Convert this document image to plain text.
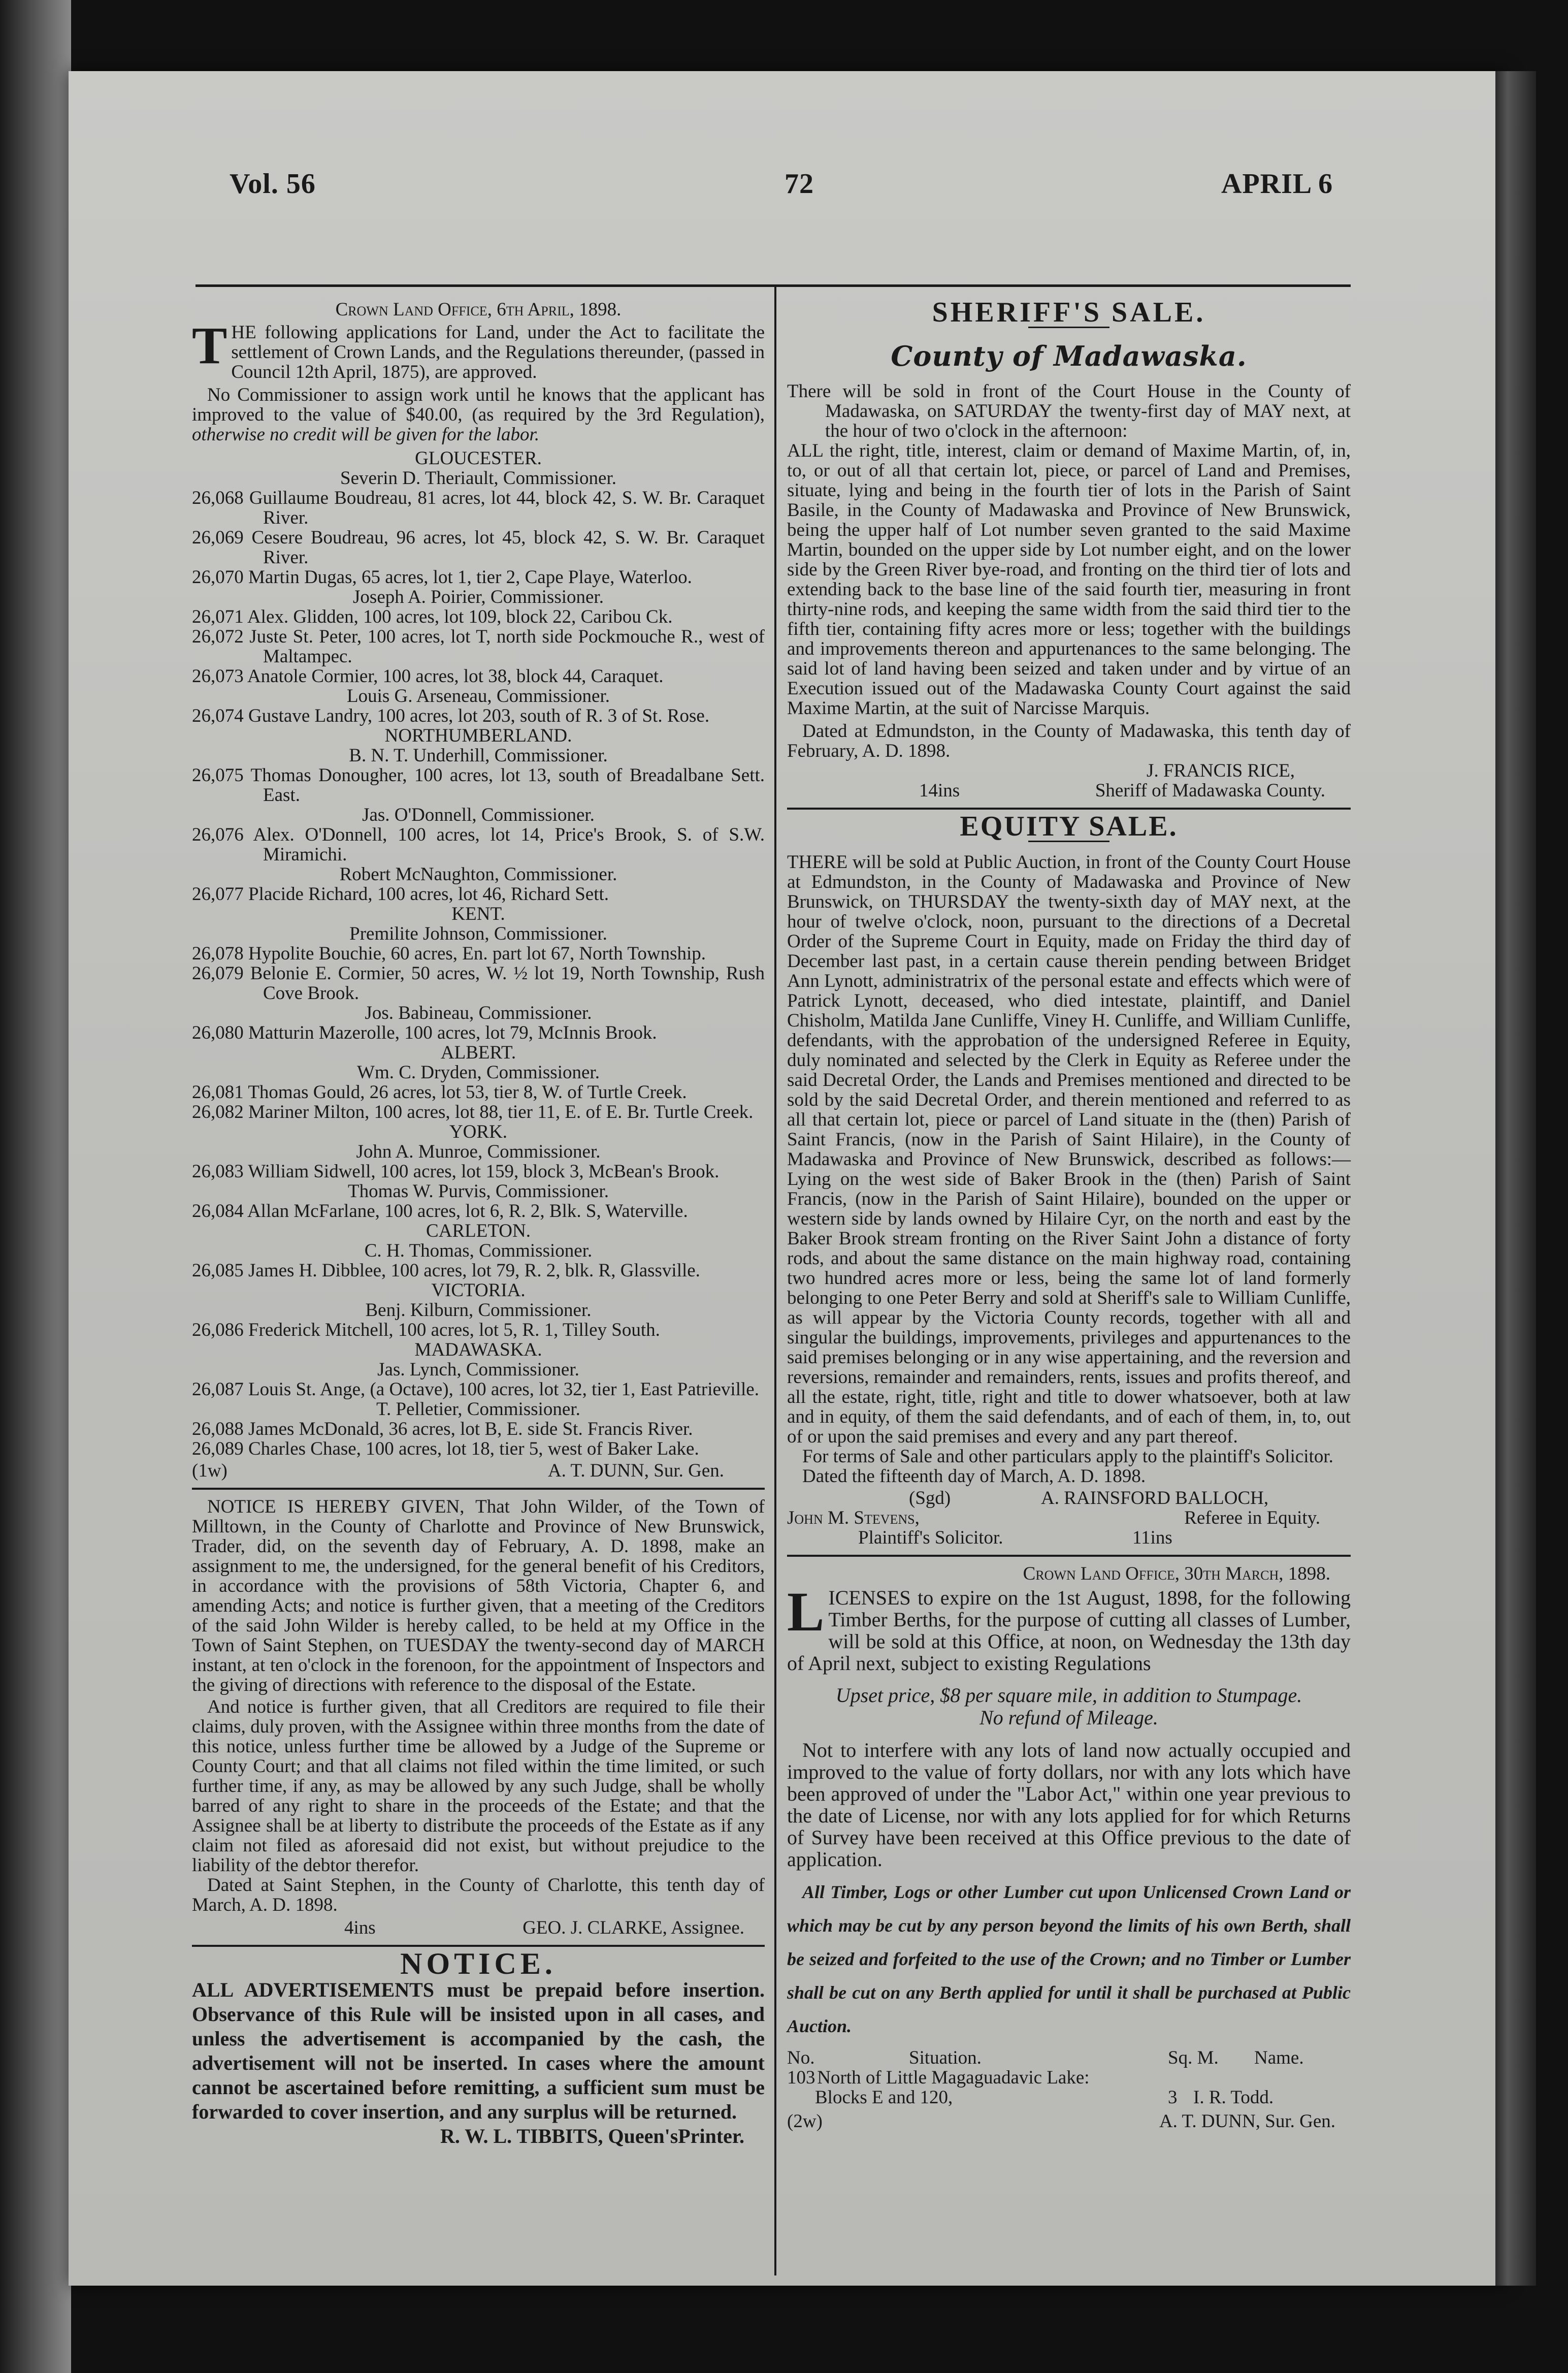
Vol. 56	72	APRIL 6
Crown Land Office, 6th April, 1898.
THE following applications for Land, under the Act to facilitate the settlement of Crown Lands, and the Regulations thereunder, (passed in Council 12th April, 1875), are approved.
No Commissioner to assign work until he knows that the applicant has improved to the value of $40.00, (as required by the 3rd Regulation), otherwise no credit will be given for the labor.
GLOUCESTER.
Severin D. Theriault, Commissioner.
26,068 Guillaume Boudreau, 81 acres, lot 44, block 42, S. W. Br. Caraquet River.
26,069 Cesere Boudreau, 96 acres, lot 45, block 42, S. W. Br. Caraquet River.
26,070 Martin Dugas, 65 acres, lot 1, tier 2, Cape Playe, Waterloo.
Joseph A. Poirier, Commissioner.
26,071 Alex. Glidden, 100 acres, lot 109, block 22, Caribou Ck.
26,072 Juste St. Peter, 100 acres, lot T, north side Pockmouche R., west of Maltampec.
26,073 Anatole Cormier, 100 acres, lot 38, block 44, Caraquet.
Louis G. Arseneau, Commissioner.
26,074 Gustave Landry, 100 acres, lot 203, south of R. 3 of St. Rose.
NORTHUMBERLAND.
B. N. T. Underhill, Commissioner.
26,075 Thomas Donougher, 100 acres, lot 13, south of Breadalbane Sett. East.
Jas. O'Donnell, Commissioner.
26,076 Alex. O'Donnell, 100 acres, lot 14, Price's Brook, S. of S.W. Miramichi.
Robert McNaughton, Commissioner.
26,077 Placide Richard, 100 acres, lot 46, Richard Sett.
KENT.
Premilite Johnson, Commissioner.
26,078 Hypolite Bouchie, 60 acres, En. part lot 67, North Township.
26,079 Belonie E. Cormier, 50 acres, W. ½ lot 19, North Township, Rush Cove Brook.
Jos. Babineau, Commissioner.
26,080 Matturin Mazerolle, 100 acres, lot 79, McInnis Brook.
ALBERT.
Wm. C. Dryden, Commissioner.
26,081 Thomas Gould, 26 acres, lot 53, tier 8, W. of Turtle Creek.
26,082 Mariner Milton, 100 acres, lot 88, tier 11, E. of E. Br. Turtle Creek.
YORK.
John A. Munroe, Commissioner.
26,083 William Sidwell, 100 acres, lot 159, block 3, McBean's Brook.
Thomas W. Purvis, Commissioner.
26,084 Allan McFarlane, 100 acres, lot 6, R. 2, Blk. S, Waterville.
CARLETON.
C. H. Thomas, Commissioner.
26,085 James H. Dibblee, 100 acres, lot 79, R. 2, blk. R, Glassville.
VICTORIA.
Benj. Kilburn, Commissioner.
26,086 Frederick Mitchell, 100 acres, lot 5, R. 1, Tilley South.
MADAWASKA.
Jas. Lynch, Commissioner.
26,087 Louis St. Ange, (a Octave), 100 acres, lot 32, tier 1, East Patrieville.
T. Pelletier, Commissioner.
26,088 James McDonald, 36 acres, lot B, E. side St. Francis River.
26,089 Charles Chase, 100 acres, lot 18, tier 5, west of Baker Lake.
(1w)	A. T. DUNN, Sur. Gen.
NOTICE IS HEREBY GIVEN, That John Wilder, of the Town of Milltown, in the County of Charlotte and Province of New Brunswick, Trader, did, on the seventh day of February, A. D. 1898, make an assignment to me, the undersigned, for the general benefit of his Creditors, in accordance with the provisions of 58th Victoria, Chapter 6, and amending Acts; and notice is further given, that a meeting of the Creditors of the said John Wilder is hereby called, to be held at my Office in the Town of Saint Stephen, on TUESDAY the twenty-second day of MARCH instant, at ten o'clock in the forenoon, for the appointment of Inspectors and the giving of directions with reference to the disposal of the Estate.
And notice is further given, that all Creditors are required to file their claims, duly proven, with the Assignee within three months from the date of this notice, unless further time be allowed by a Judge of the Supreme or County Court; and that all claims not filed within the time limited, or such further time, if any, as may be allowed by any such Judge, shall be wholly barred of any right to share in the proceeds of the Estate; and that the Assignee shall be at liberty to distribute the proceeds of the Estate as if any claim not filed as aforesaid did not exist, but without prejudice to the liability of the debtor therefor.
Dated at Saint Stephen, in the County of Charlotte, this tenth day of March, A. D. 1898.
4ins	GEO. J. CLARKE, Assignee.
NOTICE.
ALL ADVERTISEMENTS must be prepaid before insertion. Observance of this Rule will be insisted upon in all cases, and unless the advertisement is accompanied by the cash, the advertisement will not be inserted. In cases where the amount cannot be ascertained before remitting, a sufficient sum must be forwarded to cover insertion, and any surplus will be returned.
R. W. L. TIBBITS, Queen'sPrinter.
SHERIFF'S SALE.
County of Madawaska.
There will be sold in front of the Court House in the County of Madawaska, on SATURDAY the twenty-first day of MAY next, at the hour of two o'clock in the afternoon:
ALL the right, title, interest, claim or demand of Maxime Martin, of, in, to, or out of all that certain lot, piece, or parcel of Land and Premises, situate, lying and being in the fourth tier of lots in the Parish of Saint Basile, in the County of Madawaska and Province of New Brunswick, being the upper half of Lot number seven granted to the said Maxime Martin, bounded on the upper side by Lot number eight, and on the lower side by the Green River bye-road, and fronting on the third tier of lots and extending back to the base line of the said fourth tier, measuring in front thirty-nine rods, and keeping the same width from the said third tier to the fifth tier, containing fifty acres more or less; together with the buildings and improvements thereon and appurtenances to the same belonging. The said lot of land having been seized and taken under and by virtue of an Execution issued out of the Madawaska County Court against the said Maxime Martin, at the suit of Narcisse Marquis.
Dated at Edmundston, in the County of Madawaska, this tenth day of February, A. D. 1898.
J. FRANCIS RICE,
14ins	Sheriff of Madawaska County.
EQUITY SALE.
THERE will be sold at Public Auction, in front of the County Court House at Edmundston, in the County of Madawaska and Province of New Brunswick, on THURSDAY the twenty-sixth day of MAY next, at the hour of twelve o'clock, noon, pursuant to the directions of a Decretal Order of the Supreme Court in Equity, made on Friday the third day of December last past, in a certain cause therein pending between Bridget Ann Lynott, administratrix of the personal estate and effects which were of Patrick Lynott, deceased, who died intestate, plaintiff, and Daniel Chisholm, Matilda Jane Cunliffe, Viney H. Cunliffe, and William Cunliffe, defendants, with the approbation of the undersigned Referee in Equity, duly nominated and selected by the Clerk in Equity as Referee under the said Decretal Order, the Lands and Premises mentioned and directed to be sold by the said Decretal Order, and therein mentioned and referred to as all that certain lot, piece or parcel of Land situate in the (then) Parish of Saint Francis, (now in the Parish of Saint Hilaire), in the County of Madawaska and Province of New Brunswick, described as follows:—Lying on the west side of Baker Brook in the (then) Parish of Saint Francis, (now in the Parish of Saint Hilaire), bounded on the upper or western side by lands owned by Hilaire Cyr, on the north and east by the Baker Brook stream fronting on the River Saint John a distance of forty rods, and about the same distance on the main highway road, containing two hundred acres more or less, being the same lot of land formerly belonging to one Peter Berry and sold at Sheriff's sale to William Cunliffe, as will appear by the Victoria County records, together with all and singular the buildings, improvements, privileges and appurtenances to the said premises belonging or in any wise appertaining, and the reversion and reversions, remainder and remainders, rents, issues and profits thereof, and all the estate, right, title, right and title to dower whatsoever, both at law and in equity, of them the said defendants, and of each of them, in, to, out of or upon the said premises and every and any part thereof.
For terms of Sale and other particulars apply to the plaintiff's Solicitor.
Dated the fifteenth day of March, A. D. 1898.
(Sgd)	A. RAINSFORD BALLOCH,
John M. Stevens,	Referee in Equity.
Plaintiff's Solicitor.	11ins
Crown Land Office, 30th March, 1898.
LICENSES to expire on the 1st August, 1898, for the following Timber Berths, for the purpose of cutting all classes of Lumber, will be sold at this Office, at noon, on Wednesday the 13th day of April next, subject to existing Regulations
Upset price, $8 per square mile, in addition to Stumpage.
No refund of Mileage.
Not to interfere with any lots of land now actually occupied and improved to the value of forty dollars, nor with any lots which have been approved of under the "Labor Act," within one year previous to the date of License, nor with any lots applied for for which Returns of Survey have been received at this Office previous to the date of application.
All Timber, Logs or other Lumber cut upon Unlicensed Crown Land or which may be cut by any person beyond the limits of his own Berth, shall be seized and forfeited to the use of the Crown; and no Timber or Lumber shall be cut on any Berth applied for until it shall be purchased at Public Auction.
No.	Situation.	Sq. M.	Name.
103 North of Little Magaguadavic Lake:
Blocks E and 120,	3 I. R. Todd.
(2w)	A. T. DUNN, Sur. Gen.
